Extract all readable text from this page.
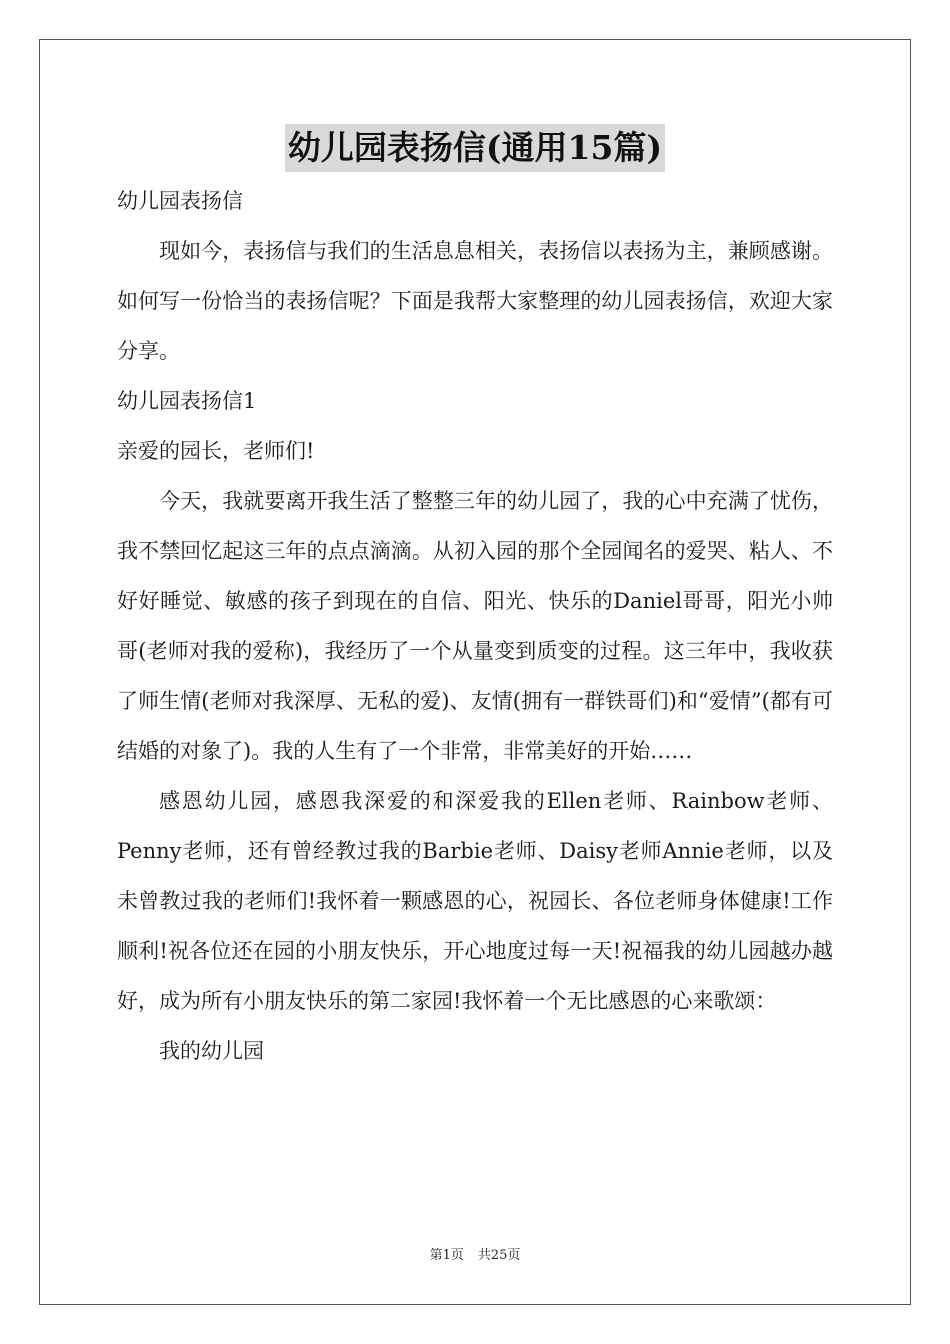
幼儿园表扬信(通用15篇)

幼儿园表扬信

现如今，表扬信与我们的生活息息相关，表扬信以表扬为主，兼顾感谢。如何写一份恰当的表扬信呢？下面是我帮大家整理的幼儿园表扬信，欢迎大家分享。

幼儿园表扬信1

亲爱的园长，老师们!

今天，我就要离开我生活了整整三年的幼儿园了，我的心中充满了忧伤，我不禁回忆起这三年的点点滴滴。从初入园的那个全园闻名的爱哭、粘人、不好好睡觉、敏感的孩子到现在的自信、阳光、快乐的Daniel哥哥，阳光小帅哥(老师对我的爱称)，我经历了一个从量变到质变的过程。这三年中，我收获了师生情(老师对我深厚、无私的爱)、友情(拥有一群铁哥们)和“爱情”(都有可结婚的对象了)。我的人生有了一个非常，非常美好的开始……

感恩幼儿园，感恩我深爱的和深爱我的Ellen老师、Rainbow老师、Penny老师，还有曾经教过我的Barbie老师、Daisy老师Annie老师，以及未曾教过我的老师们!我怀着一颗感恩的心，祝园长、各位老师身体健康!工作顺利!祝各位还在园的小朋友快乐，开心地度过每一天!祝福我的幼儿园越办越好，成为所有小朋友快乐的第二家园!我怀着一个无比感恩的心来歌颂：

我的幼儿园

第1页 共25页
